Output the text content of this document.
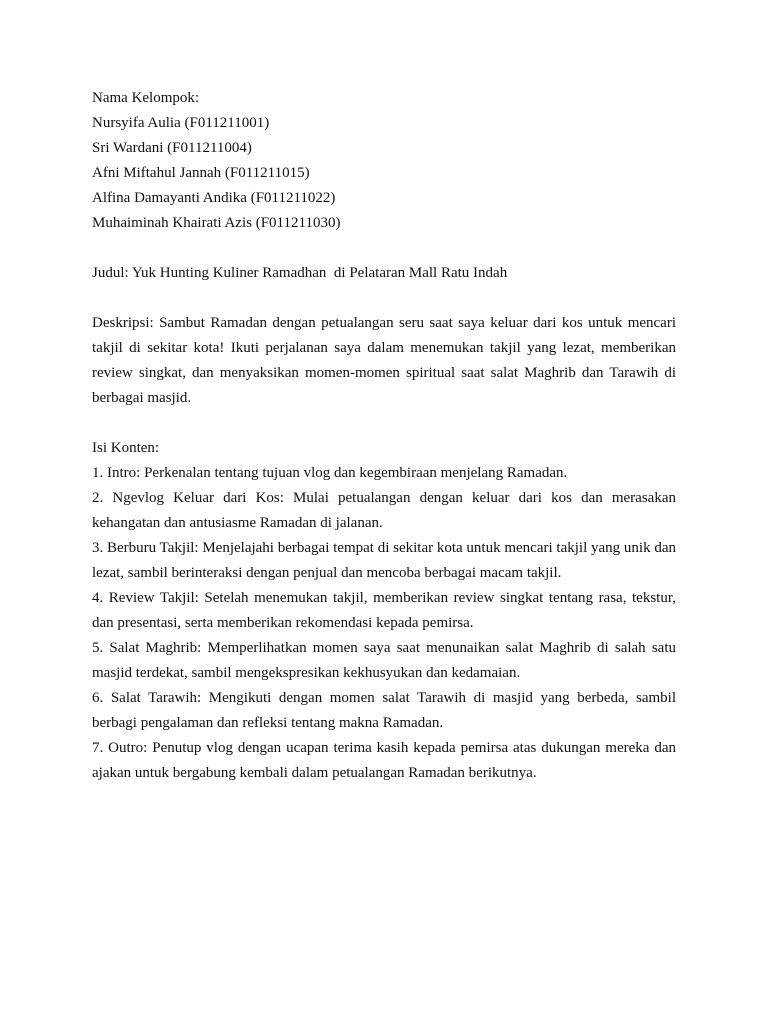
Nama Kelompok:

Nursyifa Aulia (F011211001)

Sri Wardani (F011211004)

Afni Miftahul Jannah (F011211015)

Alfina Damayanti Andika (F011211022)

Muhaiminah Khairati Azis (F011211030)

Judul: Yuk Hunting Kuliner Ramadhan  di Pelataran Mall Ratu Indah

Deskripsi: Sambut Ramadan dengan petualangan seru saat saya keluar dari kos untuk mencari takjil di sekitar kota! Ikuti perjalanan saya dalam menemukan takjil yang lezat, memberikan review singkat, dan menyaksikan momen-momen spiritual saat salat Maghrib dan Tarawih di berbagai masjid.

Isi Konten:

1. Intro: Perkenalan tentang tujuan vlog dan kegembiraan menjelang Ramadan.
2. Ngevlog Keluar dari Kos: Mulai petualangan dengan keluar dari kos dan merasakan kehangatan dan antusiasme Ramadan di jalanan.
3. Berburu Takjil: Menjelajahi berbagai tempat di sekitar kota untuk mencari takjil yang unik dan lezat, sambil berinteraksi dengan penjual dan mencoba berbagai macam takjil.
4. Review Takjil: Setelah menemukan takjil, memberikan review singkat tentang rasa, tekstur, dan presentasi, serta memberikan rekomendasi kepada pemirsa.
5. Salat Maghrib: Memperlihatkan momen saya saat menunaikan salat Maghrib di salah satu masjid terdekat, sambil mengekspresikan kekhusyukan dan kedamaian.
6. Salat Tarawih: Mengikuti dengan momen salat Tarawih di masjid yang berbeda, sambil berbagi pengalaman dan refleksi tentang makna Ramadan.
7. Outro: Penutup vlog dengan ucapan terima kasih kepada pemirsa atas dukungan mereka dan ajakan untuk bergabung kembali dalam petualangan Ramadan berikutnya.
